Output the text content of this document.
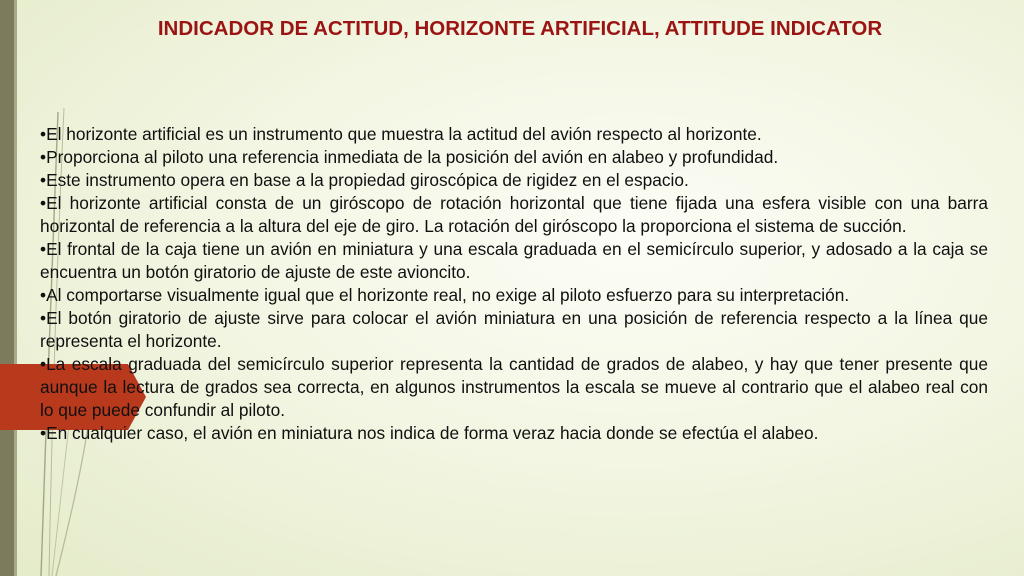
INDICADOR DE ACTITUD, HORIZONTE ARTIFICIAL, ATTITUDE INDICATOR
• El horizonte artificial es un instrumento que muestra la actitud del avión respecto al horizonte.
• Proporciona al piloto una referencia inmediata de la posición del avión en alabeo y profundidad.
• Este instrumento opera en base a la propiedad giroscópica de rigidez en el espacio.
• El horizonte artificial consta de un giróscopo de rotación horizontal que tiene fijada una esfera visible con una barra horizontal de referencia a la altura del eje de giro. La rotación del giróscopo la proporciona el sistema de succión.
• El frontal de la caja tiene un avión en miniatura y una escala graduada en el semicírculo superior, y adosado a la caja se encuentra un botón giratorio de ajuste de este avioncito.
• Al comportarse visualmente igual que el horizonte real, no exige al piloto esfuerzo para su interpretación.
• El botón giratorio de ajuste sirve para colocar el avión miniatura en una posición de referencia respecto a la línea que representa el horizonte.
• La escala graduada del semicírculo superior representa la cantidad de grados de alabeo, y hay que tener presente que aunque la lectura de grados sea correcta, en algunos instrumentos la escala se mueve al contrario que el alabeo real con lo que puede confundir al piloto.
• En cualquier caso, el avión en miniatura nos indica de forma veraz hacia donde se efectúa el alabeo.
